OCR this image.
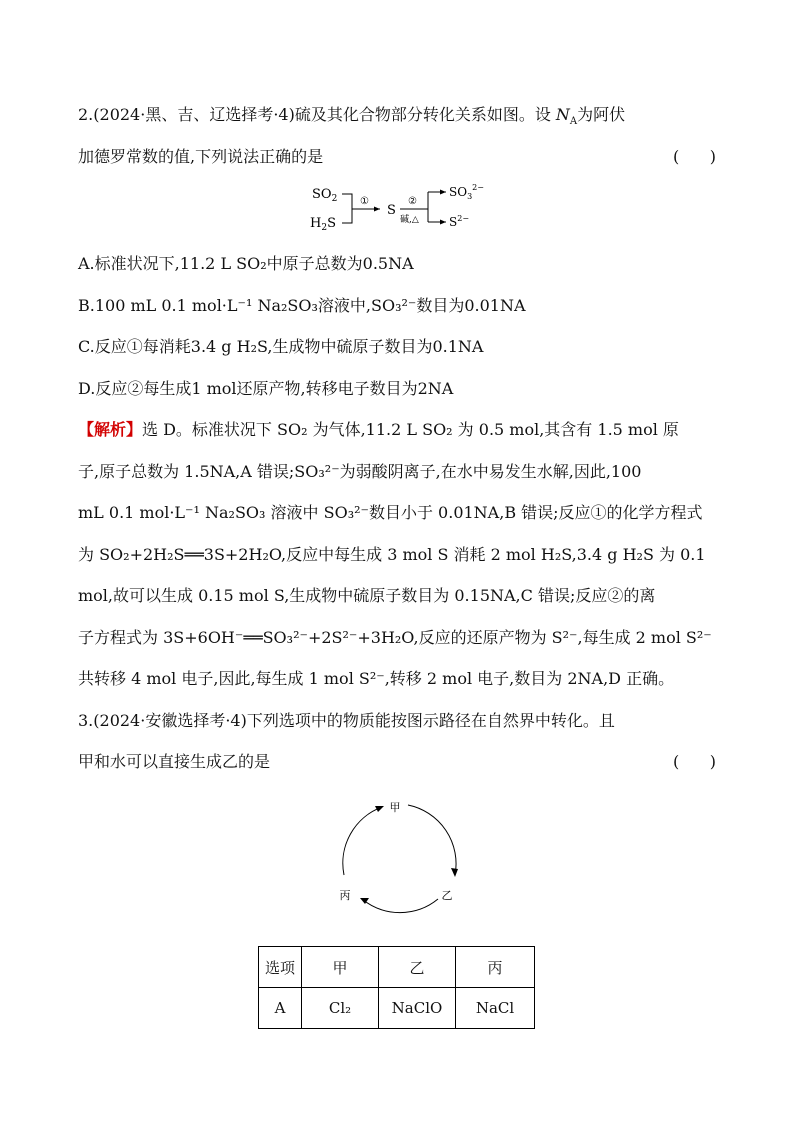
2.(2024·黑、吉、辽选择考·4)硫及其化合物部分转化关系如图。设 $N_A$为阿伏
加德罗常数的值,下列说法正确的是	(      )
$SO_2$
$H_2S$
①
S
②
碱,△
$SO_3^{2-}$
$S^{2-}$
A.标准状况下,11.2 L SO₂中原子总数为0.5NA
B.100 mL 0.1 mol·L⁻¹ Na₂SO₃溶液中,SO₃²⁻数目为0.01NA
C.反应①每消耗3.4 g H₂S,生成物中硫原子数目为0.1NA
D.反应②每生成1 mol还原产物,转移电子数目为2NA
【解析】选 D。标准状况下 SO₂ 为气体,11.2 L SO₂ 为 0.5 mol,其含有 1.5 mol 原
子,原子总数为 1.5NA,A 错误;SO₃²⁻为弱酸阴离子,在水中易发生水解,因此,100
mL 0.1 mol·L⁻¹ Na₂SO₃ 溶液中 SO₃²⁻数目小于 0.01NA,B 错误;反应①的化学方程式
为 SO₂+2H₂S══3S+2H₂O,反应中每生成 3 mol S 消耗 2 mol H₂S,3.4 g H₂S 为 0.1
mol,故可以生成 0.15 mol S,生成物中硫原子数目为 0.15NA,C 错误;反应②的离
子方程式为 3S+6OH⁻══SO₃²⁻+2S²⁻+3H₂O,反应的还原产物为 S²⁻,每生成 2 mol S²⁻
共转移 4 mol 电子,因此,每生成 1 mol S²⁻,转移 2 mol 电子,数目为 2NA,D 正确。
3.(2024·安徽选择考·4)下列选项中的物质能按图示路径在自然界中转化。且
甲和水可以直接生成乙的是	(      )
甲
乙
丙
选项	甲	乙	丙
A	Cl₂	NaClO	NaCl
